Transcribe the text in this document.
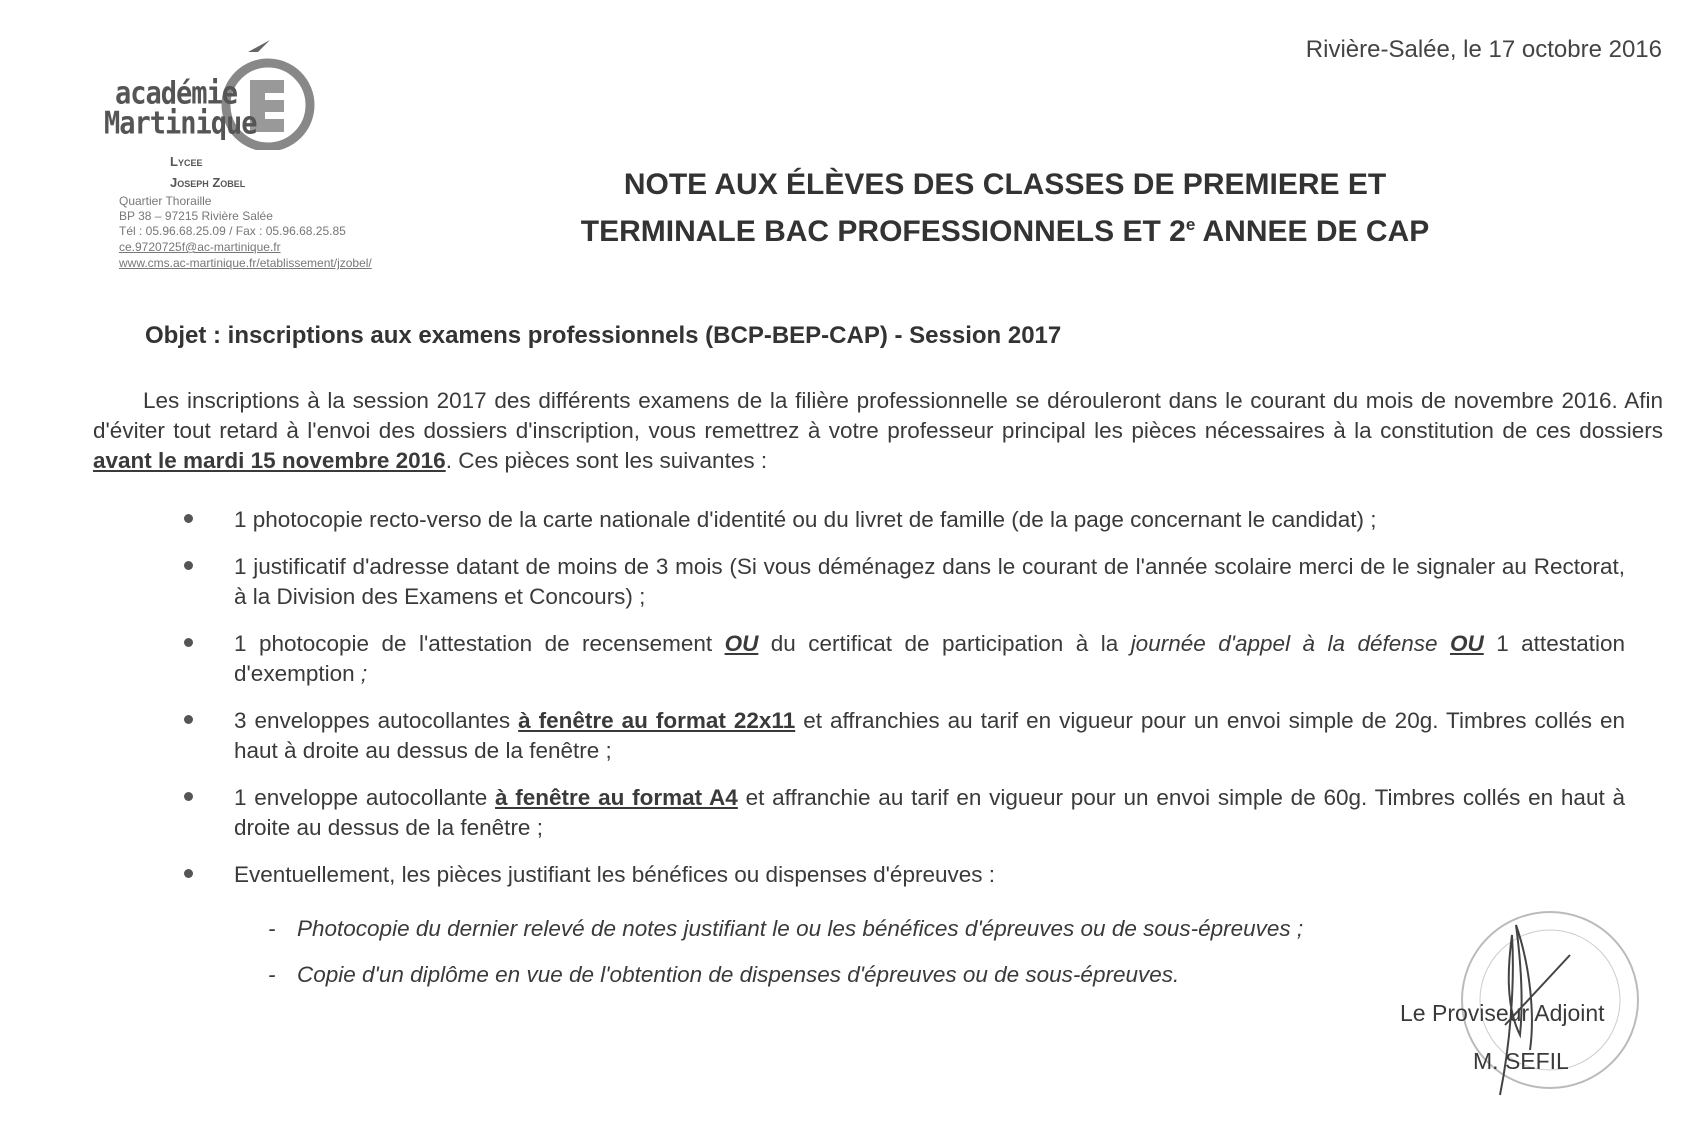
Rivière-Salée, le 17 octobre 2016
académie
Martinique
Lycee
Joseph Zobel
Quartier Thoraille
BP 38 – 97215 Rivière Salée
Tél : 05.96.68.25.09 / Fax : 05.96.68.25.85
ce.9720725f@ac-martinique.fr
www.cms.ac-martinique.fr/etablissement/jzobel/
NOTE AUX ÉLÈVES DES CLASSES DE PREMIERE ET
TERMINALE BAC PROFESSIONNELS ET 2e ANNEE DE CAP
Objet : inscriptions aux examens professionnels (BCP-BEP-CAP) - Session 2017
Les inscriptions à la session 2017 des différents examens de la filière professionnelle se dérouleront dans le courant du mois de novembre 2016. Afin d'éviter tout retard à l'envoi des dossiers d'inscription, vous remettrez à votre professeur principal les pièces nécessaires à la constitution de ces dossiers avant le mardi 15 novembre 2016. Ces pièces sont les suivantes :
1 photocopie recto-verso de la carte nationale d'identité ou du livret de famille (de la page concernant le candidat) ;
1 justificatif d'adresse datant de moins de 3 mois (Si vous déménagez dans le courant de l'année scolaire merci de le signaler au Rectorat, à la Division des Examens et Concours) ;
1 photocopie de l'attestation de recensement OU du certificat de participation à la journée d'appel à la défense OU 1 attestation d'exemption ;
3 enveloppes autocollantes à fenêtre au format 22x11 et affranchies au tarif en vigueur pour un envoi simple de 20g. Timbres collés en haut à droite au dessus de la fenêtre ;
1 enveloppe autocollante à fenêtre au format A4 et affranchie au tarif en vigueur pour un envoi simple de 60g. Timbres collés en haut à droite au dessus de la fenêtre ;
Eventuellement, les pièces justifiant les bénéfices ou dispenses d'épreuves :
- Photocopie du dernier relevé de notes justifiant le ou les bénéfices d'épreuves ou de sous-épreuves ;
- Copie d'un diplôme en vue de l'obtention de dispenses d'épreuves ou de sous-épreuves.
Le Proviseur Adjoint
M. SEFIL
